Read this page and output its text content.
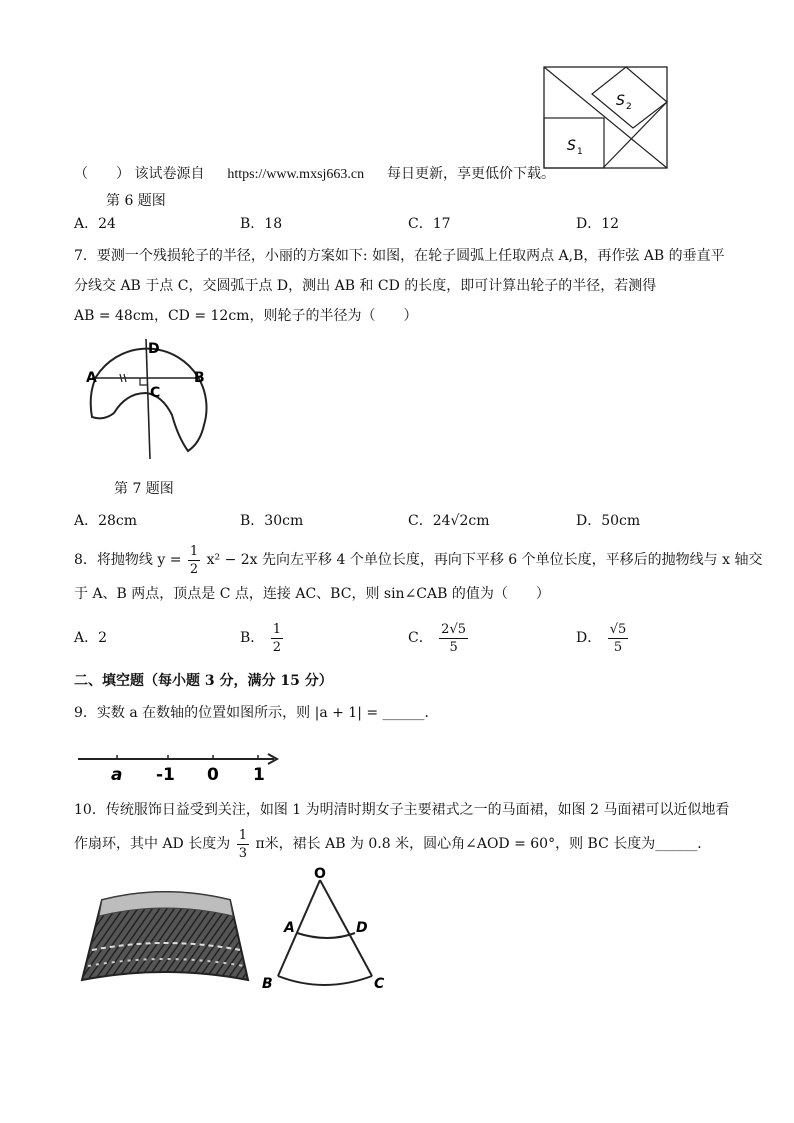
S 2
S 1
（　　） 该试卷源自 https://www.mxsj663.cn 每日更新，享更低价下载。
第 6 题图
A．24	B．18	C．17	D．12
7．要测一个残损轮子的半径，小丽的方案如下: 如图，在轮子圆弧上任取两点 A,B，再作弦 AB 的垂直平
分线交 AB 于点 C，交圆弧于点 D，测出 AB 和 CD 的长度，即可计算出轮子的半径，若测得
AB = 48cm，CD = 12cm，则轮子的半径为（　　）
A	B
C
D
第 7 题图
A．28cm	B．30cm	C．24√2cm	D．50cm
8．将抛物线 $y = \frac{1}{2} x^2 - 2x$ 先向左平移 4 个单位长度，再向下平移 6 个单位长度，平移后的抛物线与 x 轴交
于 A、B 两点，顶点是 C 点，连接 AC、BC，则 sin∠CAB 的值为（　　）
A．2	B． $\frac{1}{2}$	C． $\frac{2√5}{5}$	D． $\frac{√5}{5}$
二、填空题（每小题 3 分，满分 15 分）
9．实数 a 在数轴的位置如图所示，则 |a + 1| = ______．
a -1 0 1
10．传统服饰日益受到关注，如图 1 为明清时期女子主要裙式之一的马面裙，如图 2 马面裙可以近似地看
作扇环，其中 AD 长度为 $\frac{1}{3}$ π米，裙长 AB 为 0.8 米，圆心角∠AOD = 60°，则 BC 长度为______．
O
A	D
B	C
